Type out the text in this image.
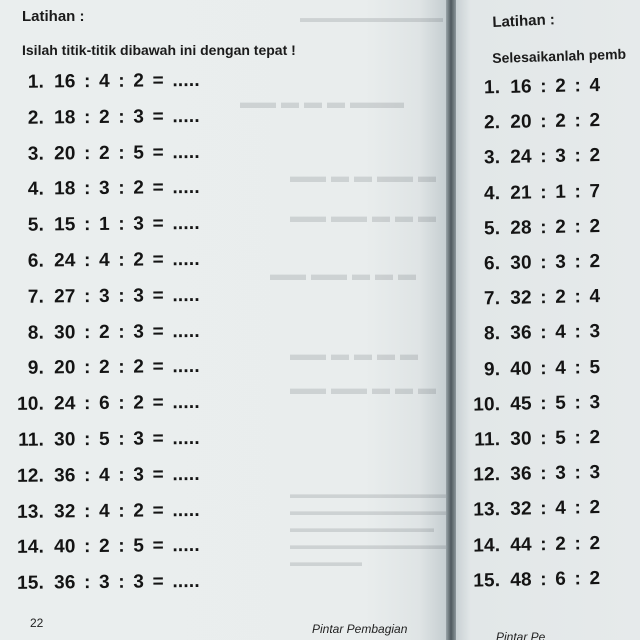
▬▬▬▬▬▬▬▬▬▬▬
▬▬ ▬ ▬ ▬ ▬▬▬
▬▬ ▬ ▬ ▬▬ ▬
▬▬ ▬▬ ▬ ▬ ▬
▬▬ ▬▬ ▬ ▬ ▬
▬▬ ▬ ▬ ▬ ▬
▬▬ ▬▬ ▬ ▬ ▬
▬▬▬▬▬▬▬▬▬▬▬▬▬
▬▬▬▬▬▬▬▬▬▬▬▬▬
▬▬▬▬▬▬▬▬▬▬▬▬
▬▬▬▬▬▬▬▬▬▬▬▬▬
▬▬▬▬▬▬
Latihan :
Isilah titik-titik dibawah ini dengan tepat !
1. 16 : 4 : 2 = .....
2. 18 : 2 : 3 = .....
3. 20 : 2 : 5 = .....
4. 18 : 3 : 2 = .....
5. 15 : 1 : 3 = .....
6. 24 : 4 : 2 = .....
7. 27 : 3 : 3 = .....
8. 30 : 2 : 3 = .....
9. 20 : 2 : 2 = .....
10. 24 : 6 : 2 = .....
11. 30 : 5 : 3 = .....
12. 36 : 4 : 3 = .....
13. 32 : 4 : 2 = .....
14. 40 : 2 : 5 = .....
15. 36 : 3 : 3 = .....
22	Pintar Pembagian
Latihan :
Selesaikanlah pemb
1. 16 : 2 : 4
2. 20 : 2 : 2
3. 24 : 3 : 2
4. 21 : 1 : 7
5. 28 : 2 : 2
6. 30 : 3 : 2
7. 32 : 2 : 4
8. 36 : 4 : 3
9. 40 : 4 : 5
10. 45 : 5 : 3
11. 30 : 5 : 2
12. 36 : 3 : 3
13. 32 : 4 : 2
14. 44 : 2 : 2
15. 48 : 6 : 2
Pintar Pe
